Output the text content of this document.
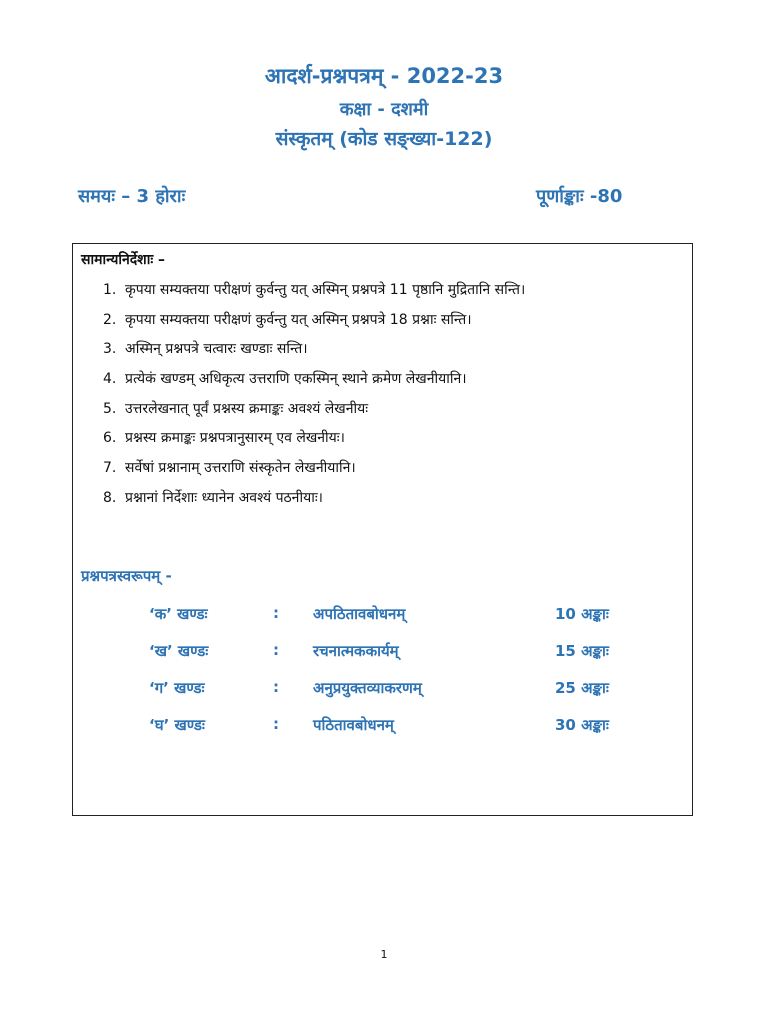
आदर्श-प्रश्नपत्रम् - 2022-23
कक्षा - दशमी
संस्कृतम् (कोड सङ्ख्या-122)
समयः – 3 होराः	पूर्णाङ्काः -80
सामान्यनिर्देशाः –
1. कृपया सम्यक्तया परीक्षणं कुर्वन्तु यत् अस्मिन् प्रश्नपत्रे 11 पृष्ठानि मुद्रितानि सन्ति।
2. कृपया सम्यक्तया परीक्षणं कुर्वन्तु यत् अस्मिन् प्रश्नपत्रे 18 प्रश्नाः सन्ति।
3. अस्मिन् प्रश्नपत्रे चत्वारः खण्डाः सन्ति।
4. प्रत्येकं खण्डम् अधिकृत्य उत्तराणि एकस्मिन् स्थाने क्रमेण लेखनीयानि।
5. उत्तरलेखनात् पूर्वं प्रश्नस्य क्रमाङ्कः अवश्यं लेखनीयः
6. प्रश्नस्य क्रमाङ्कः प्रश्नपत्रानुसारम् एव लेखनीयः।
7. सर्वेषां प्रश्नानाम् उत्तराणि संस्कृतेन लेखनीयानि।
8. प्रश्नानां निर्देशाः ध्यानेन अवश्यं पठनीयाः।
प्रश्नपत्रस्वरूपम् -
‘क’ खण्डः	: अपठितावबोधनम्	10 अङ्काः
‘ख’ खण्डः	: रचनात्मककार्यम्	15 अङ्काः
‘ग’ खण्डः	: अनुप्रयुक्तव्याकरणम्	25 अङ्काः
‘घ’ खण्डः	: पठितावबोधनम्	30 अङ्काः
1
